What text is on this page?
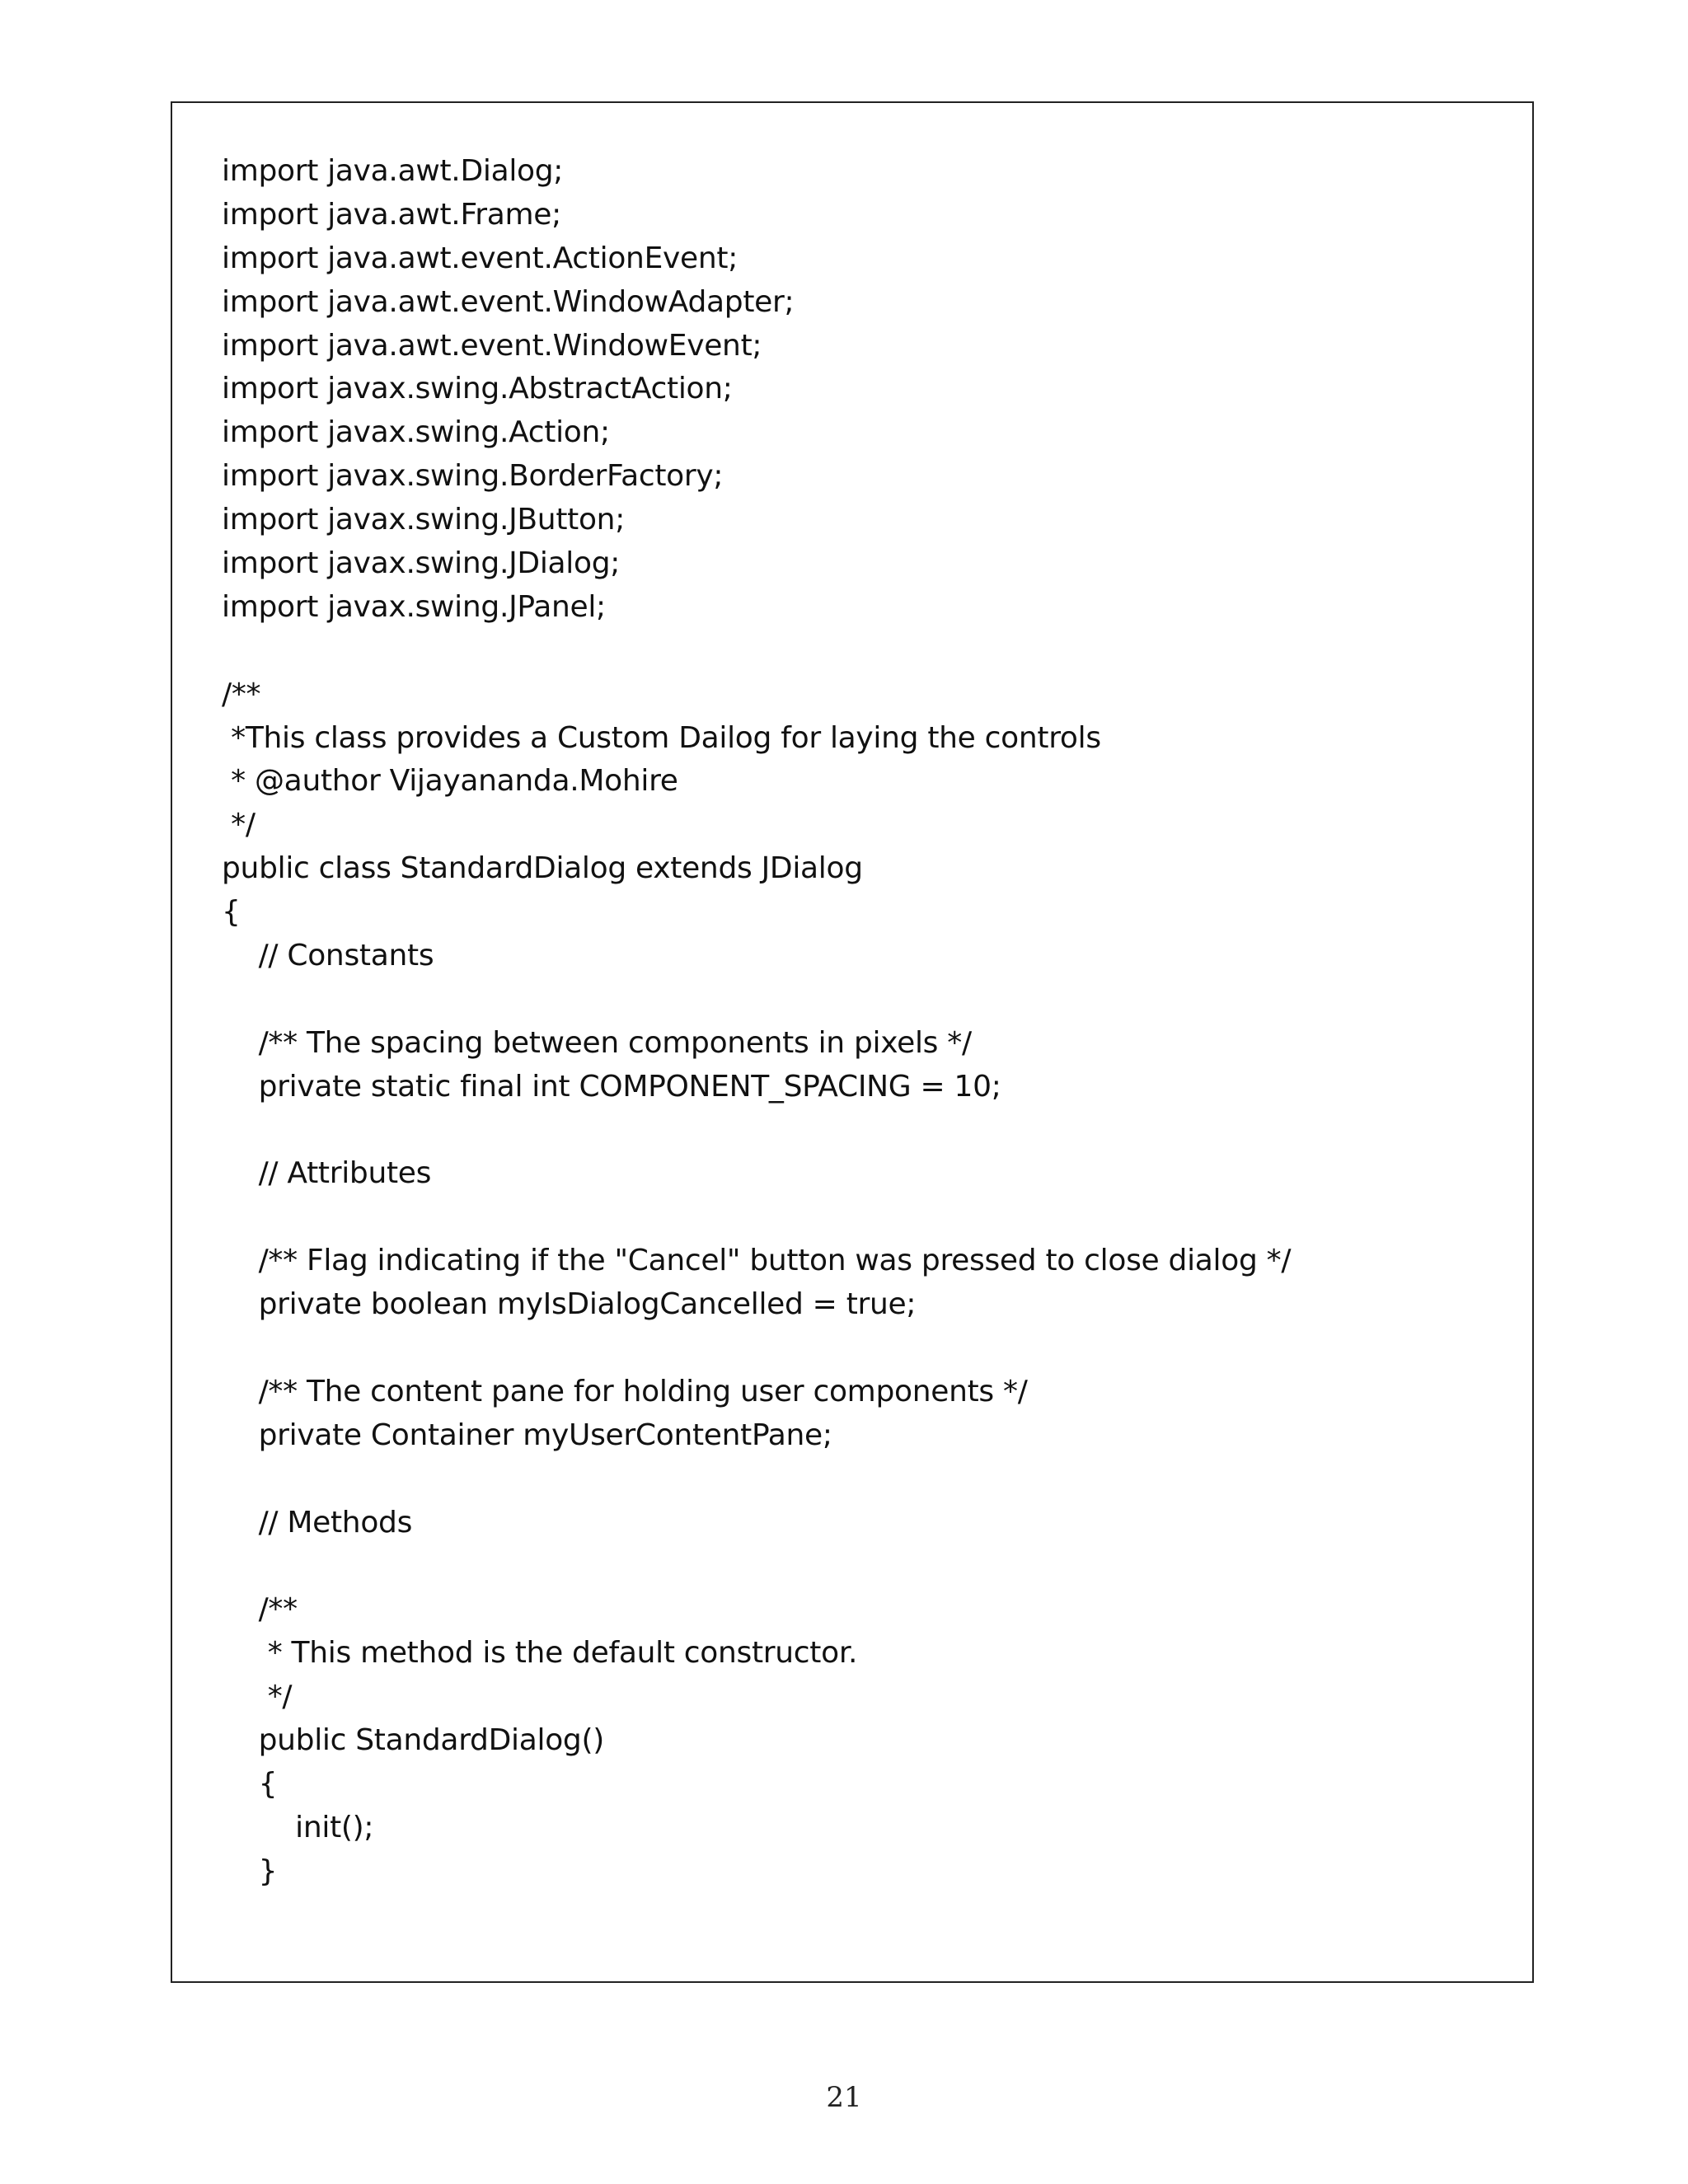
import java.awt.Dialog;
import java.awt.Frame;
import java.awt.event.ActionEvent;
import java.awt.event.WindowAdapter;
import java.awt.event.WindowEvent;
import javax.swing.AbstractAction;
import javax.swing.Action;
import javax.swing.BorderFactory;
import javax.swing.JButton;
import javax.swing.JDialog;
import javax.swing.JPanel;
/**
*This class provides a Custom Dailog for laying the controls
* @author Vijayananda.Mohire
*/
public class StandardDialog extends JDialog
{
// Constants
/** The spacing between components in pixels */
private static final int COMPONENT_SPACING = 10;
// Attributes
/** Flag indicating if the "Cancel" button was pressed to close dialog */
private boolean myIsDialogCancelled = true;
/** The content pane for holding user components */
private Container myUserContentPane;
// Methods
/**
* This method is the default constructor.
*/
public StandardDialog()
{
init();
}
21
